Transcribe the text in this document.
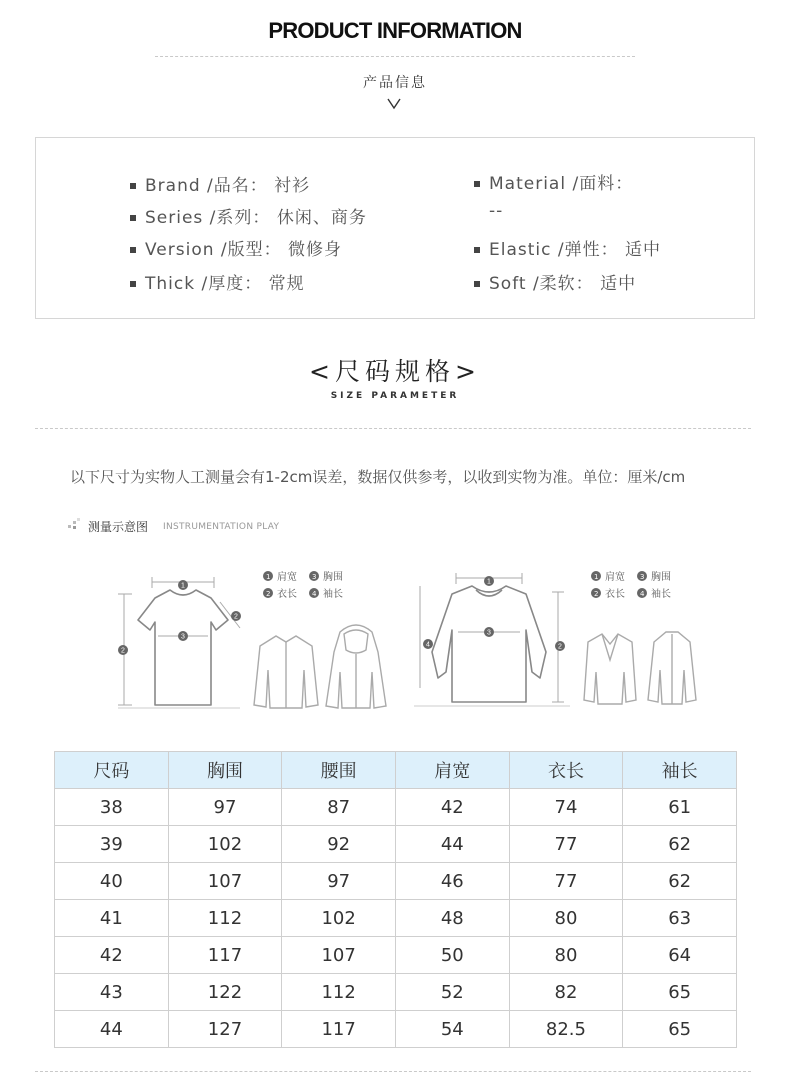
PRODUCT INFORMATION
产品信息
Brand /品名： 衬衫
Series /系列： 休闲、商务
Version /版型： 微修身
Thick /厚度： 常规
Material /面料：
--
Elastic /弹性： 适中
Soft /柔软： 适中
<尺码规格>
SIZE PARAMETER
以下尺寸为实物人工测量会有1-2cm误差，数据仅供参考，以收到实物为准。单位：厘米/cm
测量示意图 INSTRUMENTATION PLAY
1
2
3
2
1 肩宽 3 胸围
2 衣长 4 袖长
1
4
3
2
1 肩宽 3 胸围
2 衣长 4 袖长
尺码	胸围	腰围	肩宽	衣长	袖长
38	97	87	42	74	61
39	102	92	44	77	62
40	107	97	46	77	62
41	112	102	48	80	63
42	117	107	50	80	64
43	122	112	52	82	65
44	127	117	54	82.5	65
